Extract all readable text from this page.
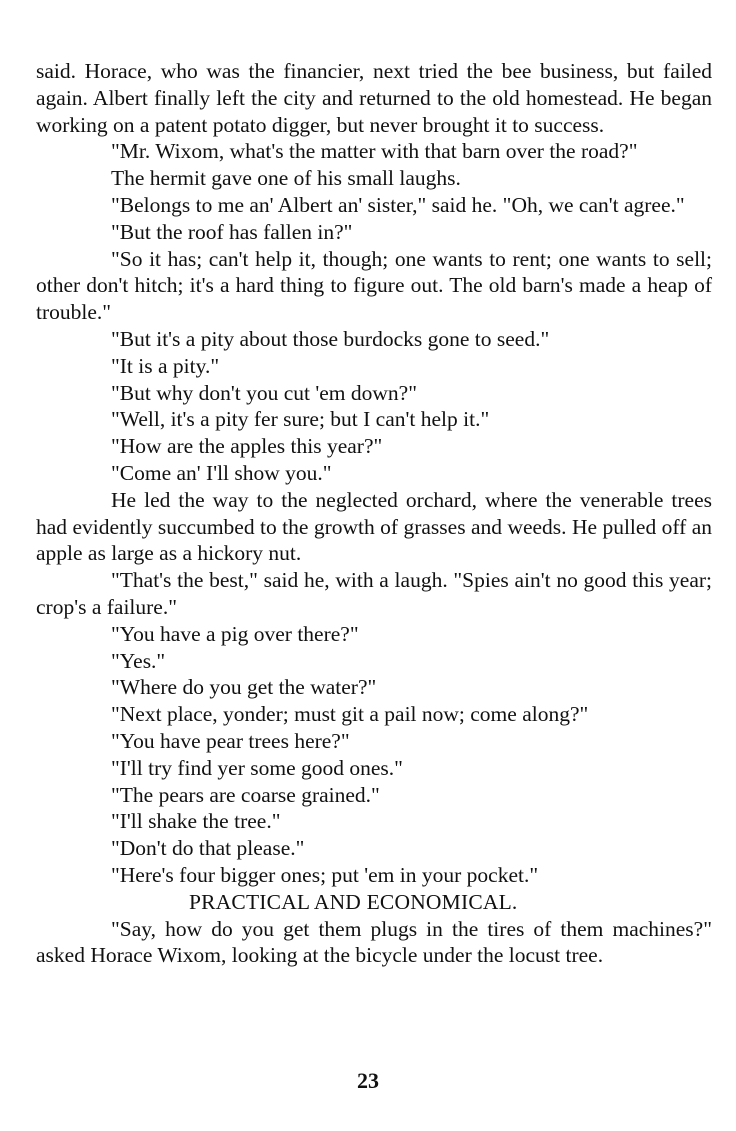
said. Horace, who was the financier, next tried the bee business, but failed again. Albert finally left the city and returned to the old homestead. He began working on a patent potato digger, but never brought it to success.

"Mr. Wixom, what's the matter with that barn over the road?"

The hermit gave one of his small laughs.

"Belongs to me an' Albert an' sister," said he. "Oh, we can't agree."

"But the roof has fallen in?"

"So it has; can't help it, though; one wants to rent; one wants to sell; other don't hitch; it's a hard thing to figure out. The old barn's made a heap of trouble."

"But it's a pity about those burdocks gone to seed."

"It is a pity."

"But why don't you cut 'em down?"

"Well, it's a pity fer sure; but I can't help it."

"How are the apples this year?"

"Come an' I'll show you."

He led the way to the neglected orchard, where the venerable trees had evidently succumbed to the growth of grasses and weeds. He pulled off an apple as large as a hickory nut.

"That's the best," said he, with a laugh. "Spies ain't no good this year; crop's a failure."

"You have a pig over there?"

"Yes."

"Where do you get the water?"

"Next place, yonder; must git a pail now; come along?"

"You have pear trees here?"

"I'll try find yer some good ones."

"The pears are coarse grained."

"I'll shake the tree."

"Don't do that please."

"Here's four bigger ones; put 'em in your pocket."

PRACTICAL AND ECONOMICAL.

"Say, how do you get them plugs in the tires of them machines?" asked Horace Wixom, looking at the bicycle under the locust tree.

23
